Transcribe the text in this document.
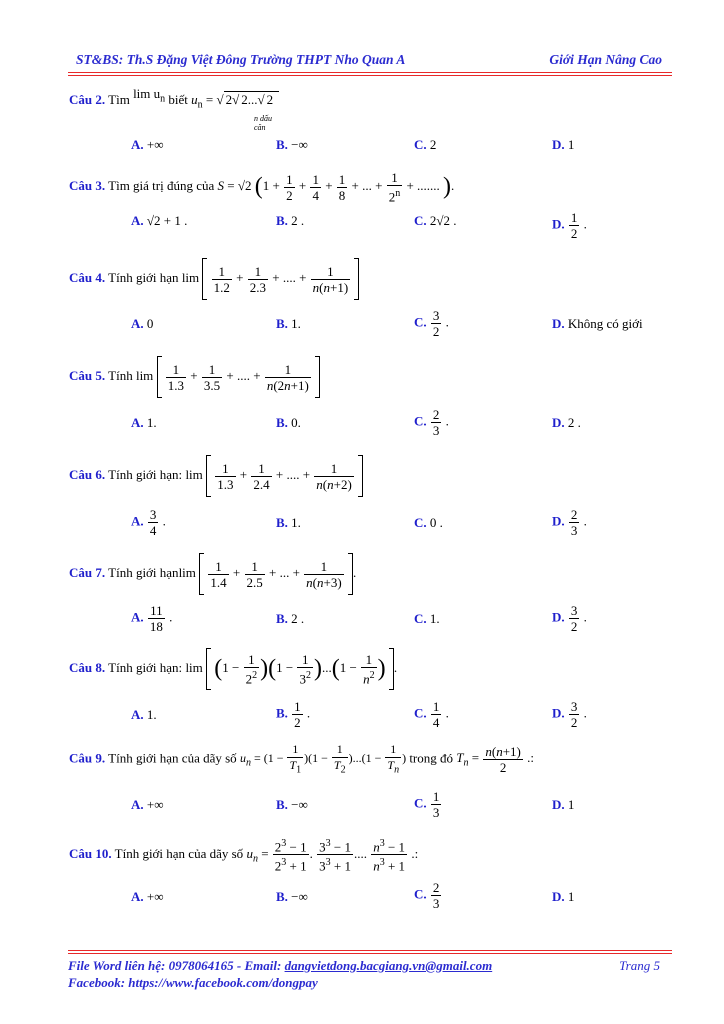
ST&BS: Th.S Đặng Việt Đông Trường THPT Nho Quan A	Giới Hạn Nâng Cao
Câu 2. Tìm $\lim u_n$ biết $u_n$ = √ 2√ 2...√ 2
n dấu căn
A. +∞	B. −∞	C. 2	D. 1
Câu 3. Tìm giá trị đúng của S = √2 ($1 + \frac{1}{2} + \frac{1}{4} + \frac{1}{8}$ + ... + $\frac{1}{2^n}$ + ....... ).
A. √2 + 1 .	B. 2 .	C. 2√2 .	D. $\frac{1}{2}$ .
Câu 4. Tính giới hạn $\lim \frac{1}{1.2} + \frac{1}{2.3}$ + .... + $\frac{1}{n(n+1)}$

A. 0	B. 1.	C. $\frac{3}{2}$ .	D. Không có giới
Câu 5. Tính $\lim \frac{1}{1.3} + \frac{1}{3.5}$ + .... + $\frac{1}{n(2n+1)}$

A. 1.	B. 0.	C. $\frac{2}{3}$ .	D. 2 .
Câu 6. Tính giới hạn: $\lim \frac{1}{1.3} + \frac{1}{2.4}$ + .... + $\frac{1}{n(n+2)}$

A. $\frac{3}{4}$ .	B. 1.	C. 0 .	D. $\frac{2}{3}$ .
Câu 7. Tính giới hạnlim $\frac{1}{1.4} + \frac{1}{2.5}$ + ... + $\frac{1}{n(n+3)}$ .
A. $\frac{11}{18}$ .	B. 2 .	C. 1.	D. $\frac{3}{2}$ .
Câu 8. Tính giới hạn: $\lim (1 - \frac{1}{2^2} )(1 - \frac{1}{3^2} )...(1 - \frac{1}{n^2}$ ) .
A. 1.	B. $\frac{1}{2}$ .	C. $\frac{1}{4}$ .	D. $\frac{3}{2}$ .
Câu 9. Tính giới hạn của dãy số $u_n = (1 - \frac{1}{T_1} )(1 - \frac{1}{T_2} )...(1 - \frac{1}{T_n}$ ) trong đó $T_n = \frac{n(n+1)}{2}$ .:
A. +∞	B. −∞	C. $\frac{1}{3}$	D. 1
Câu 10. Tính giới hạn của dãy số $u_n = \frac{2^3 - 1}{2^3 + 1}$ . $\frac{3^3 - 1}{3^3 + 1}$ .... $\frac{n^3 - 1}{n^3 + 1}$ .:
A. +∞	B. −∞	C. $\frac{2}{3}$	D. 1
File Word liên hệ: 0978064165 - Email: dangvietdong.bacgiang.vn@gmail.com	Trang 5
Facebook: https://www.facebook.com/dongpay
